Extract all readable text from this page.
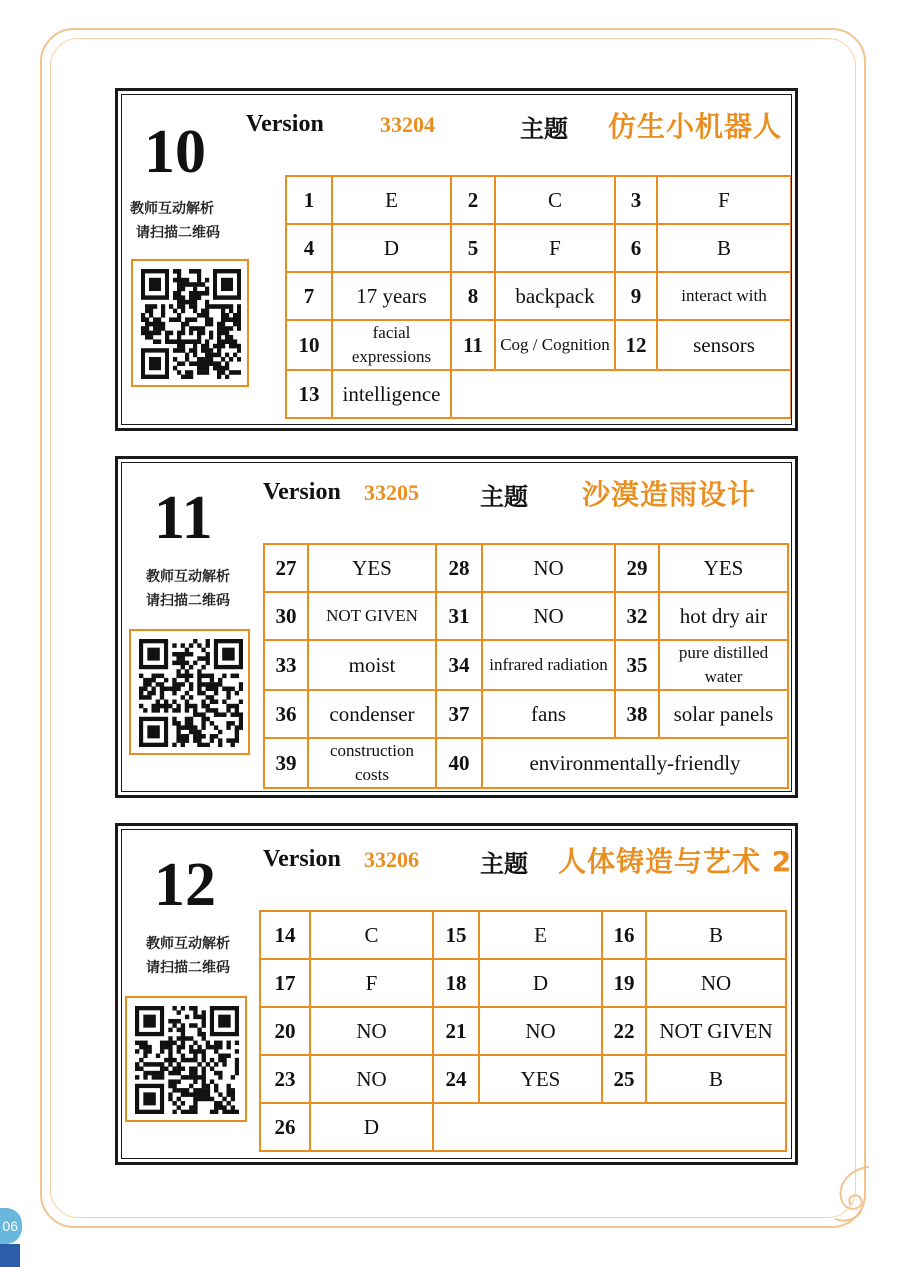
10 Version	33204	主题 仿生小机器人
教师互动解析
请扫描二维码
1	E	2	C	3	F
4	D	5	F	6	B
7	17 years	8	backpack	9	interact with
10	facial expressions	11	Cog / Cognition	12	sensors
13	intelligence				
11 Version 33205	主题 沙漠造雨设计
教师互动解析
请扫描二维码
27	YES	28	NO	29	YES
30	NOT GIVEN	31	NO	32	hot dry air
33	moist	34	infrared radiation	35	pure distilled water
36	condenser	37	fans	38	solar panels
39	construction costs	40	environmentally-friendly		
12 Version 33206	主题 人体铸造与艺术 2
教师互动解析
请扫描二维码
14	C	15	E	16	B
17	F	18	D	19	NO
20	NO	21	NO	22	NOT GIVEN
23	NO	24	YES	25	B
26	D				
06
